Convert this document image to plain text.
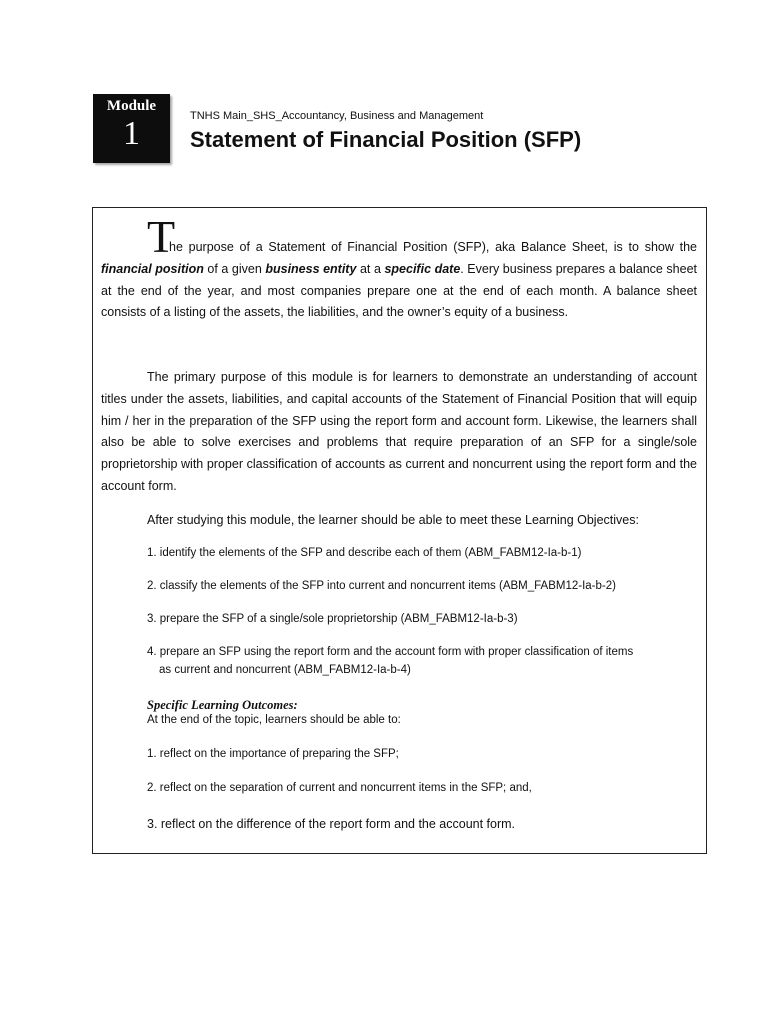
Module
1	TNHS Main_SHS_Accountancy, Business and Management
Statement of Financial Position (SFP)
T

he purpose of a Statement of Financial Position (SFP), aka Balance Sheet, is to show the financial position of a given business entity at a specific date. Every business prepares a balance sheet at the end of the year, and most companies prepare one at the end of each month. A balance sheet consists of a listing of the assets, the liabilities, and the owner’s equity of a business.

The primary purpose of this module is for learners to demonstrate an understanding of account titles under the assets, liabilities, and capital accounts of the Statement of Financial Position that will equip him / her in the preparation of the SFP using the report form and account form. Likewise, the learners shall also be able to solve exercises and problems that require preparation of an SFP for a single/sole proprietorship with proper classification of accounts as current and noncurrent using the report form and the account form.

After studying this module, the learner should be able to meet these Learning Objectives:
1. identify the elements of the SFP and describe each of them (ABM_FABM12-Ia-b-1)
2. classify the elements of the SFP into current and noncurrent items (ABM_FABM12-Ia-b-2)
3. prepare the SFP of a single/sole proprietorship (ABM_FABM12-Ia-b-3)
4. prepare an SFP using the report form and the account form with proper classification of items
as current and noncurrent (ABM_FABM12-Ia-b-4)
Specific Learning Outcomes:
At the end of the topic, learners should be able to:
1. reflect on the importance of preparing the SFP;
2. reflect on the separation of current and noncurrent items in the SFP; and,
3. reflect on the difference of the report form and the account form.
